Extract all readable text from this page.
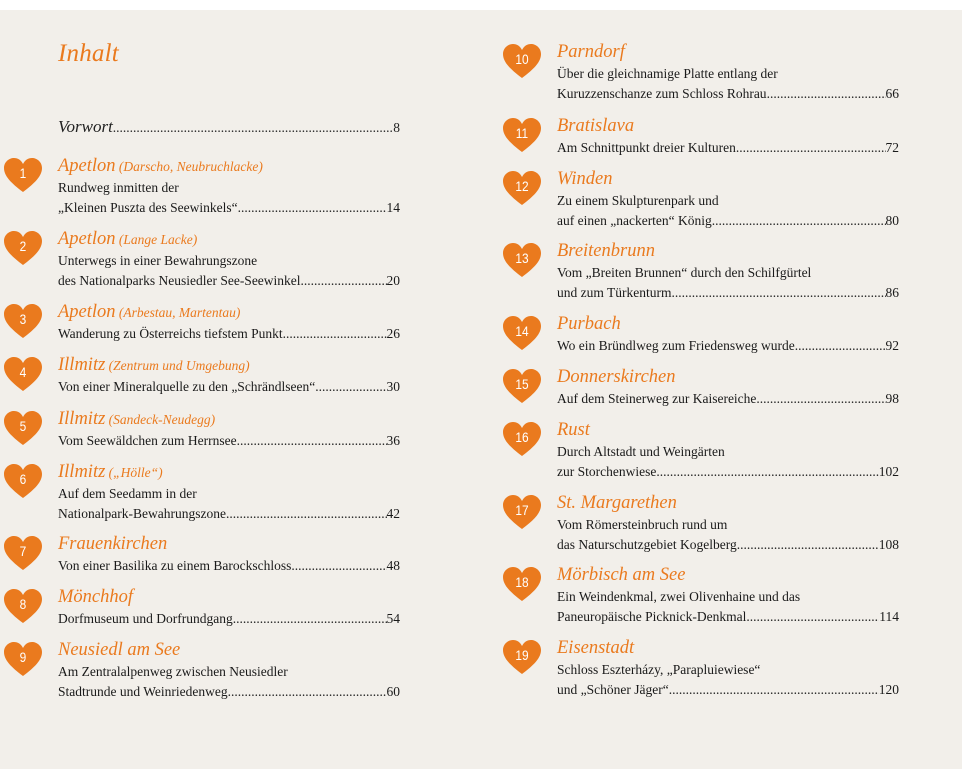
Inhalt
Vorwort .....	8
1	Apetlon (Darscho, Neubruchlacke)
Rundweg inmitten der
„Kleinen Puszta des Seewinkels“ .....	14
2	Apetlon (Lange Lacke)
Unterwegs in einer Bewahrungszone
des Nationalparks Neusiedler See-Seewinkel .....	20
3	Apetlon (Arbestau, Martentau)
Wanderung zu Österreichs tiefstem Punkt .....	26
4	Illmitz (Zentrum und Umgebung)
Von einer Mineralquelle zu den „Schrändlseen“ .....	30
5	Illmitz (Sandeck-Neudegg)
Vom Seewäldchen zum Herrnsee .....	36
6	Illmitz („Hölle“)
Auf dem Seedamm in der
Nationalpark-Bewahrungszone .....	42
7	Frauenkirchen
Von einer Basilika zu einem Barockschloss .....	48
8	Mönchhof
Dorfmuseum und Dorfrundgang .....	54
9	Neusiedl am See
Am Zentralalpenweg zwischen Neusiedler
Stadtrunde und Weinriedenweg .....	60
10	Parndorf
Über die gleichnamige Platte entlang der
Kuruzzenschanze zum Schloss Rohrau .....	66
11	Bratislava
Am Schnittpunkt dreier Kulturen .....	72
12	Winden
Zu einem Skulpturenpark und
auf einen „nackerten“ König .....	80
13	Breitenbrunn
Vom „Breiten Brunnen“ durch den Schilfgürtel
und zum Türkenturm .....	86
14	Purbach
Wo ein Bründlweg zum Friedensweg wurde .....	92
15	Donnerskirchen
Auf dem Steinerweg zur Kaisereiche .....	98
16	Rust
Durch Altstadt und Weingärten
zur Storchenwiese .....	102
17	St. Margarethen
Vom Römersteinbruch rund um
das Naturschutzgebiet Kogelberg .....	108
18	Mörbisch am See
Ein Weindenkmal, zwei Olivenhaine und das
Paneuropäische Picknick-Denkmal .....	114
19	Eisenstadt
Schloss Eszterházy, „Parapluiewiese“
und „Schöner Jäger“ .....	120
